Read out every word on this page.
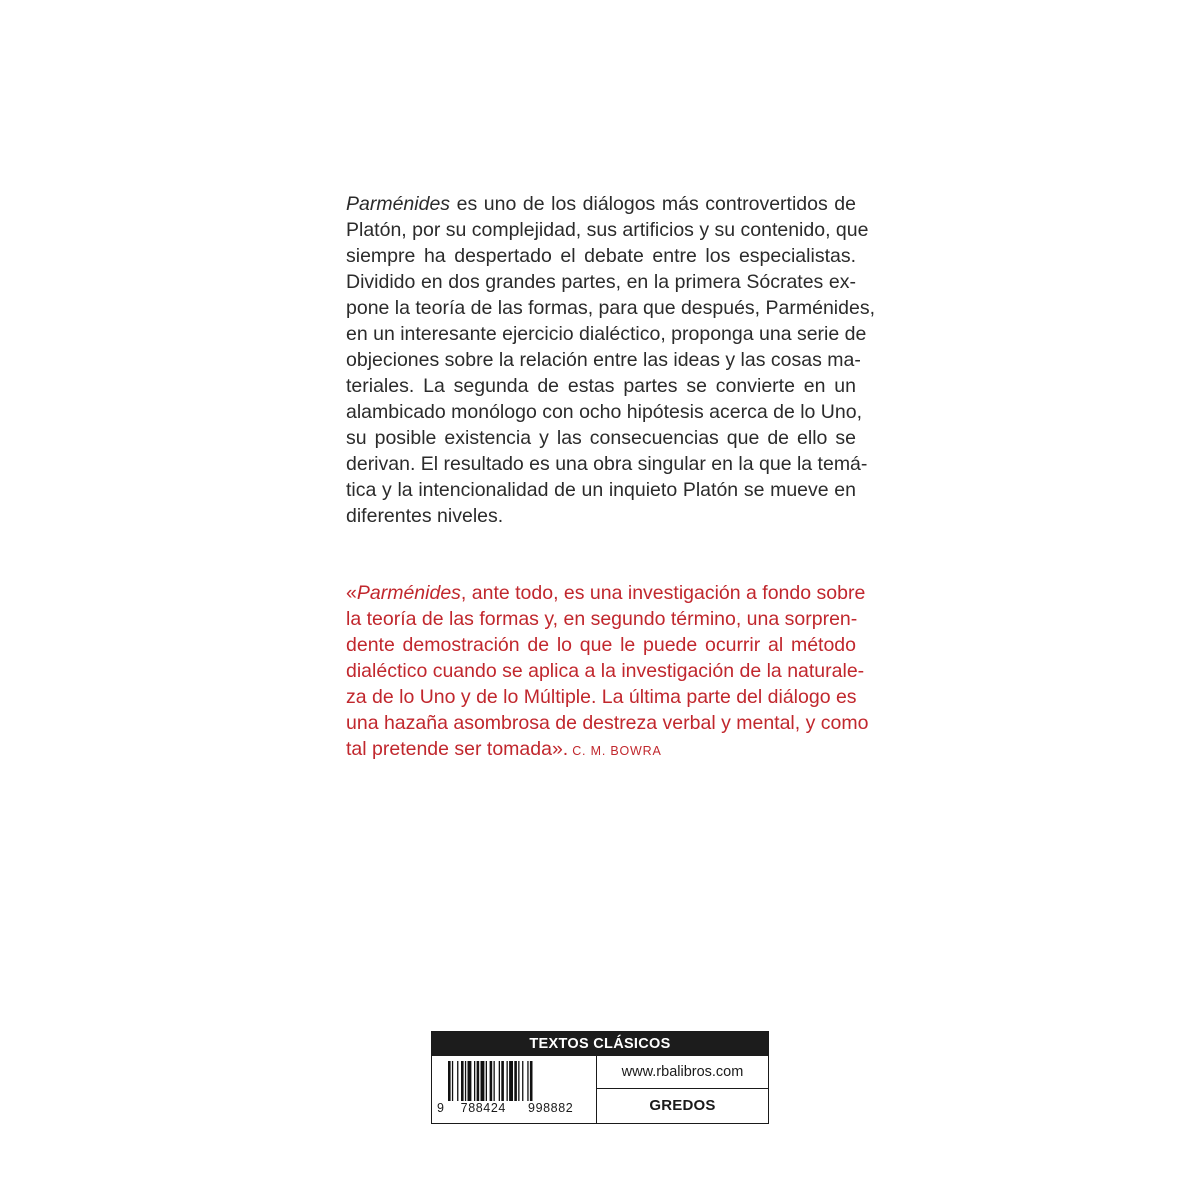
Parménides es uno de los diálogos más controvertidos de
Platón, por su complejidad, sus artificios y su contenido, que
siempre ha despertado el debate entre los especialistas.
Dividido en dos grandes partes, en la primera Sócrates ex-
pone la teoría de las formas, para que después, Parménides,
en un interesante ejercicio dialéctico, proponga una serie de
objeciones sobre la relación entre las ideas y las cosas ma-
teriales. La segunda de estas partes se convierte en un
alambicado monólogo con ocho hipótesis acerca de lo Uno,
su posible existencia y las consecuencias que de ello se
derivan. El resultado es una obra singular en la que la temá-
tica y la intencionalidad de un inquieto Platón se mueve en
diferentes niveles.
«Parménides, ante todo, es una investigación a fondo sobre
la teoría de las formas y, en segundo término, una sorpren-
dente demostración de lo que le puede ocurrir al método
dialéctico cuando se aplica a la investigación de la naturale-
za de lo Uno y de lo Múltiple. La última parte del diálogo es
una hazaña asombrosa de destreza verbal y mental, y como
tal pretende ser tomada». C. M. BOWRA
TEXTOS CLÁSICOS
9 788424 998882
www.rbalibros.com
GREDOS
